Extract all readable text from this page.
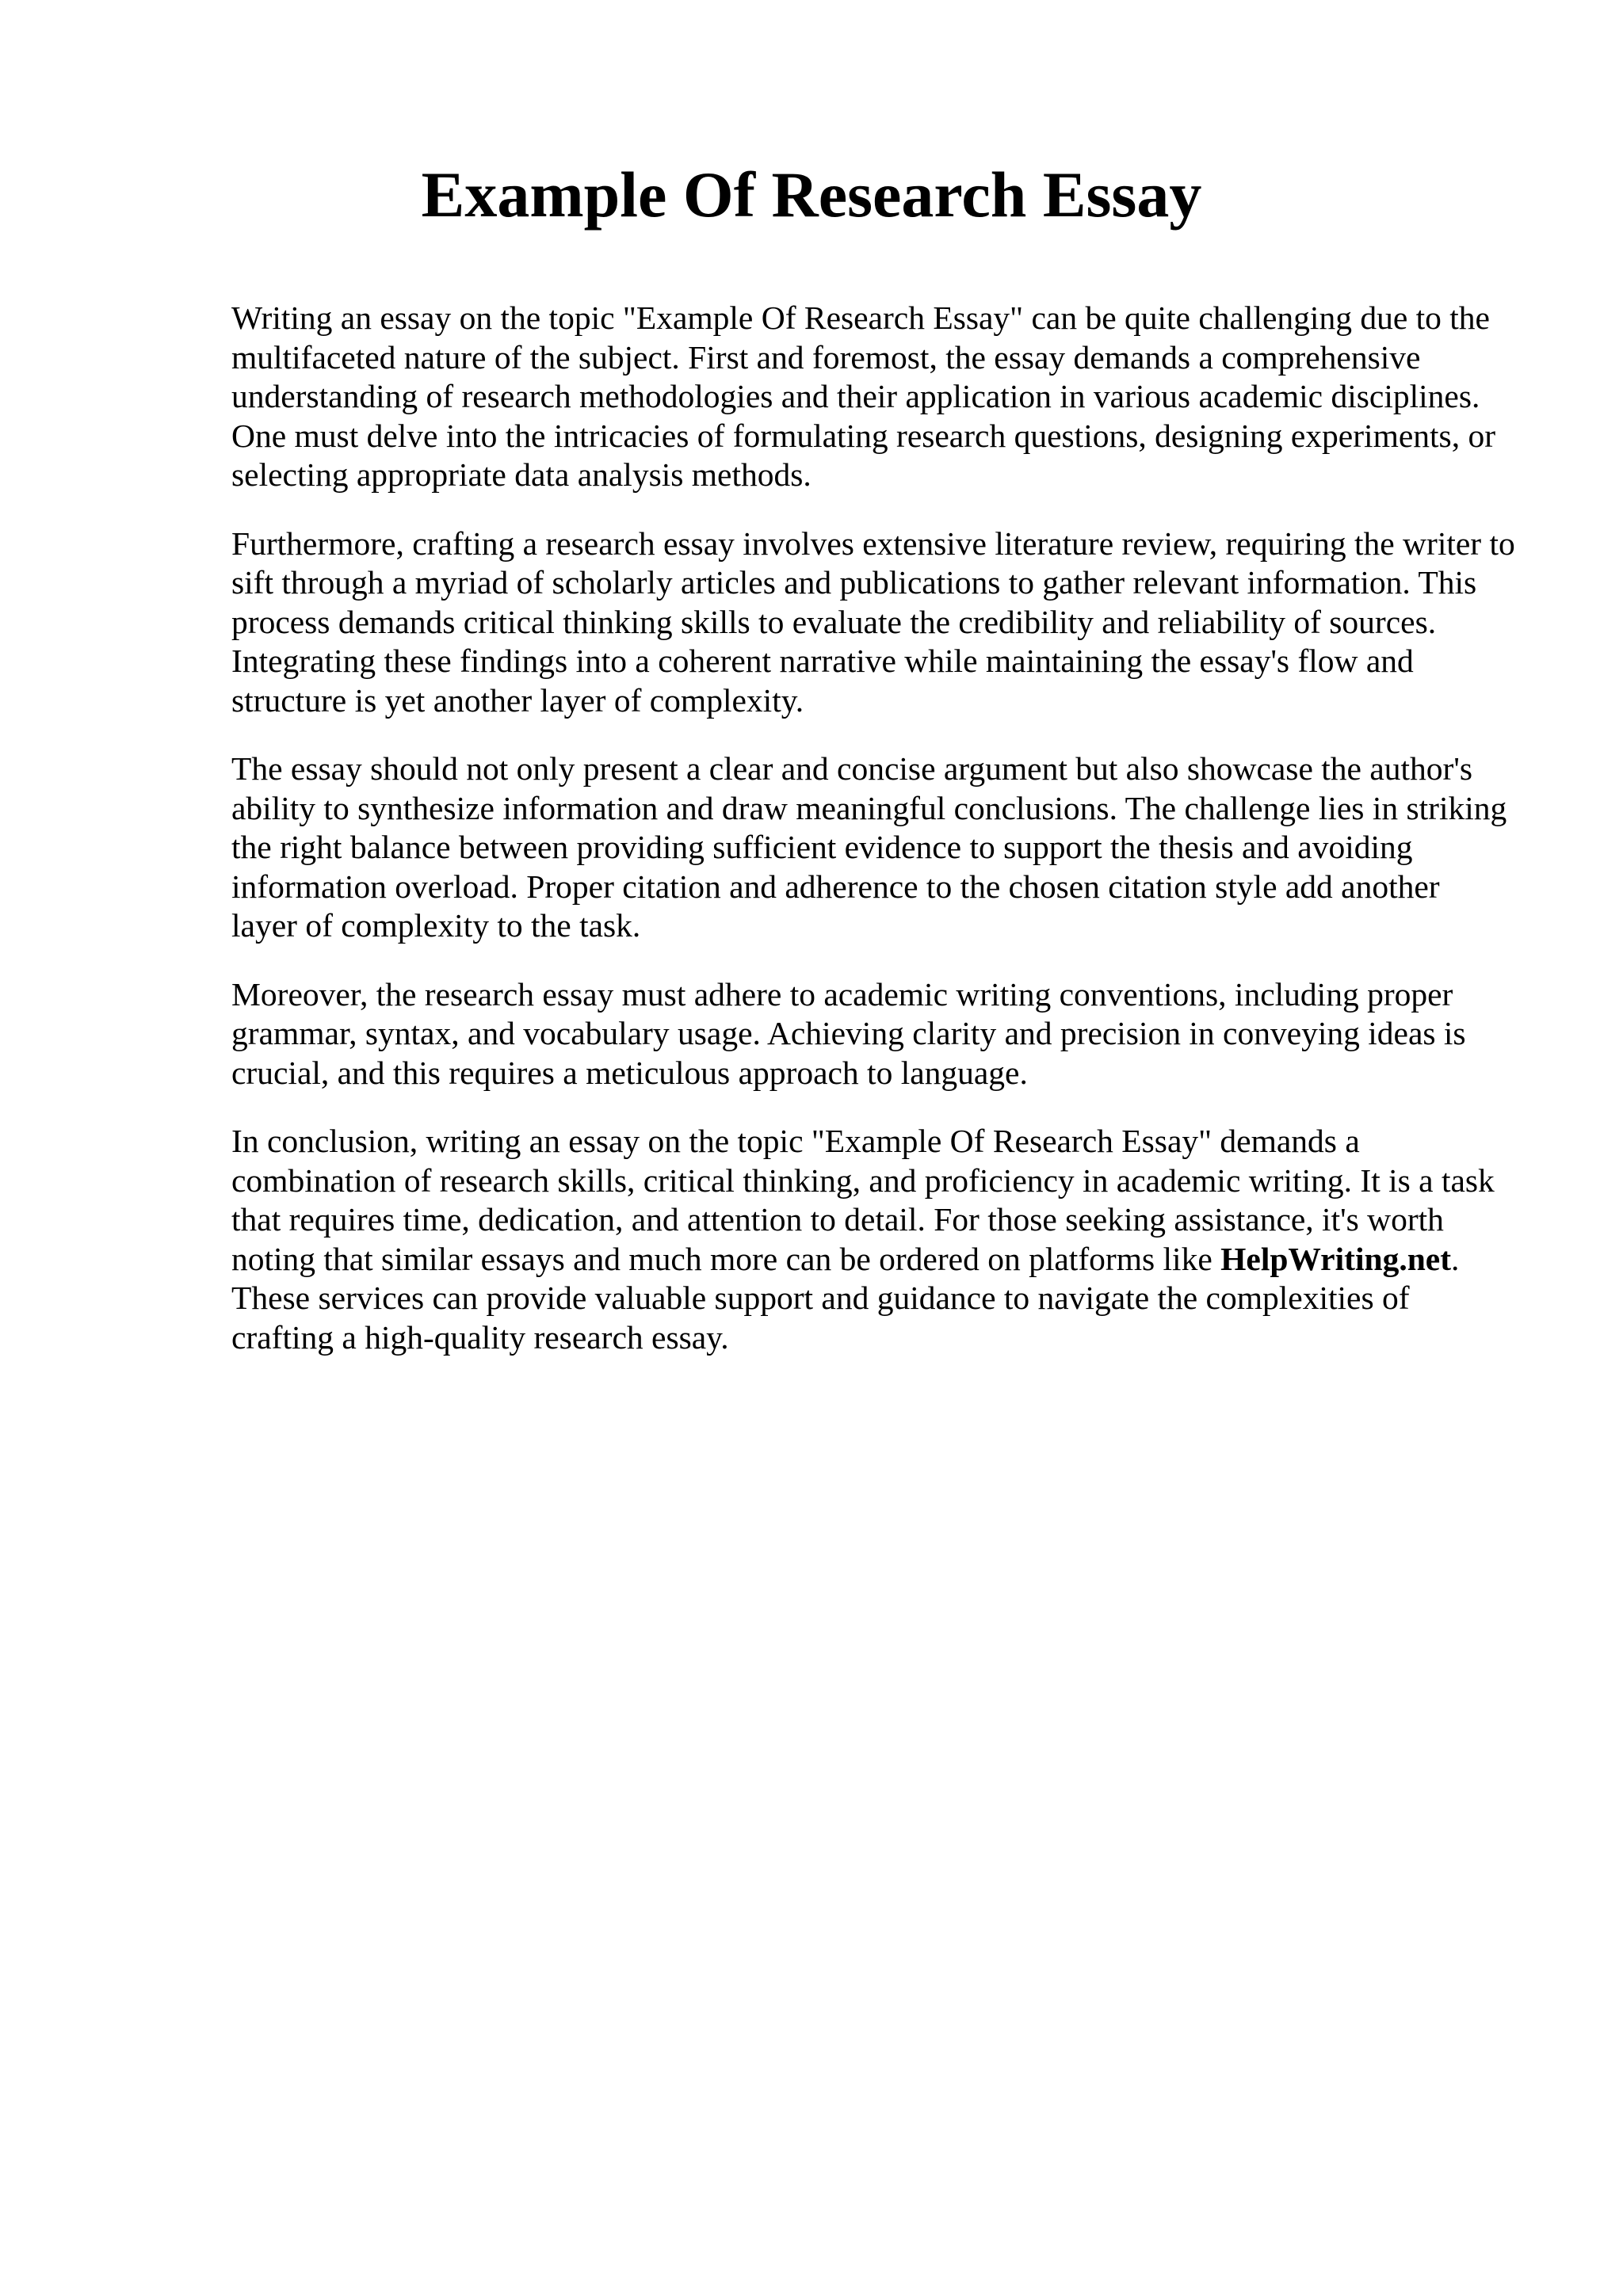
Example Of Research Essay

Writing an essay on the topic "Example Of Research Essay" can be quite challenging due to the
multifaceted nature of the subject. First and foremost, the essay demands a comprehensive
understanding of research methodologies and their application in various academic disciplines.
One must delve into the intricacies of formulating research questions, designing experiments, or
selecting appropriate data analysis methods.

Furthermore, crafting a research essay involves extensive literature review, requiring the writer to
sift through a myriad of scholarly articles and publications to gather relevant information. This
process demands critical thinking skills to evaluate the credibility and reliability of sources.
Integrating these findings into a coherent narrative while maintaining the essay's flow and
structure is yet another layer of complexity.

The essay should not only present a clear and concise argument but also showcase the author's
ability to synthesize information and draw meaningful conclusions. The challenge lies in striking
the right balance between providing sufficient evidence to support the thesis and avoiding
information overload. Proper citation and adherence to the chosen citation style add another
layer of complexity to the task.

Moreover, the research essay must adhere to academic writing conventions, including proper
grammar, syntax, and vocabulary usage. Achieving clarity and precision in conveying ideas is
crucial, and this requires a meticulous approach to language.

In conclusion, writing an essay on the topic "Example Of Research Essay" demands a
combination of research skills, critical thinking, and proficiency in academic writing. It is a task
that requires time, dedication, and attention to detail. For those seeking assistance, it's worth
noting that similar essays and much more can be ordered on platforms like HelpWriting.net.
These services can provide valuable support and guidance to navigate the complexities of
crafting a high-quality research essay.
